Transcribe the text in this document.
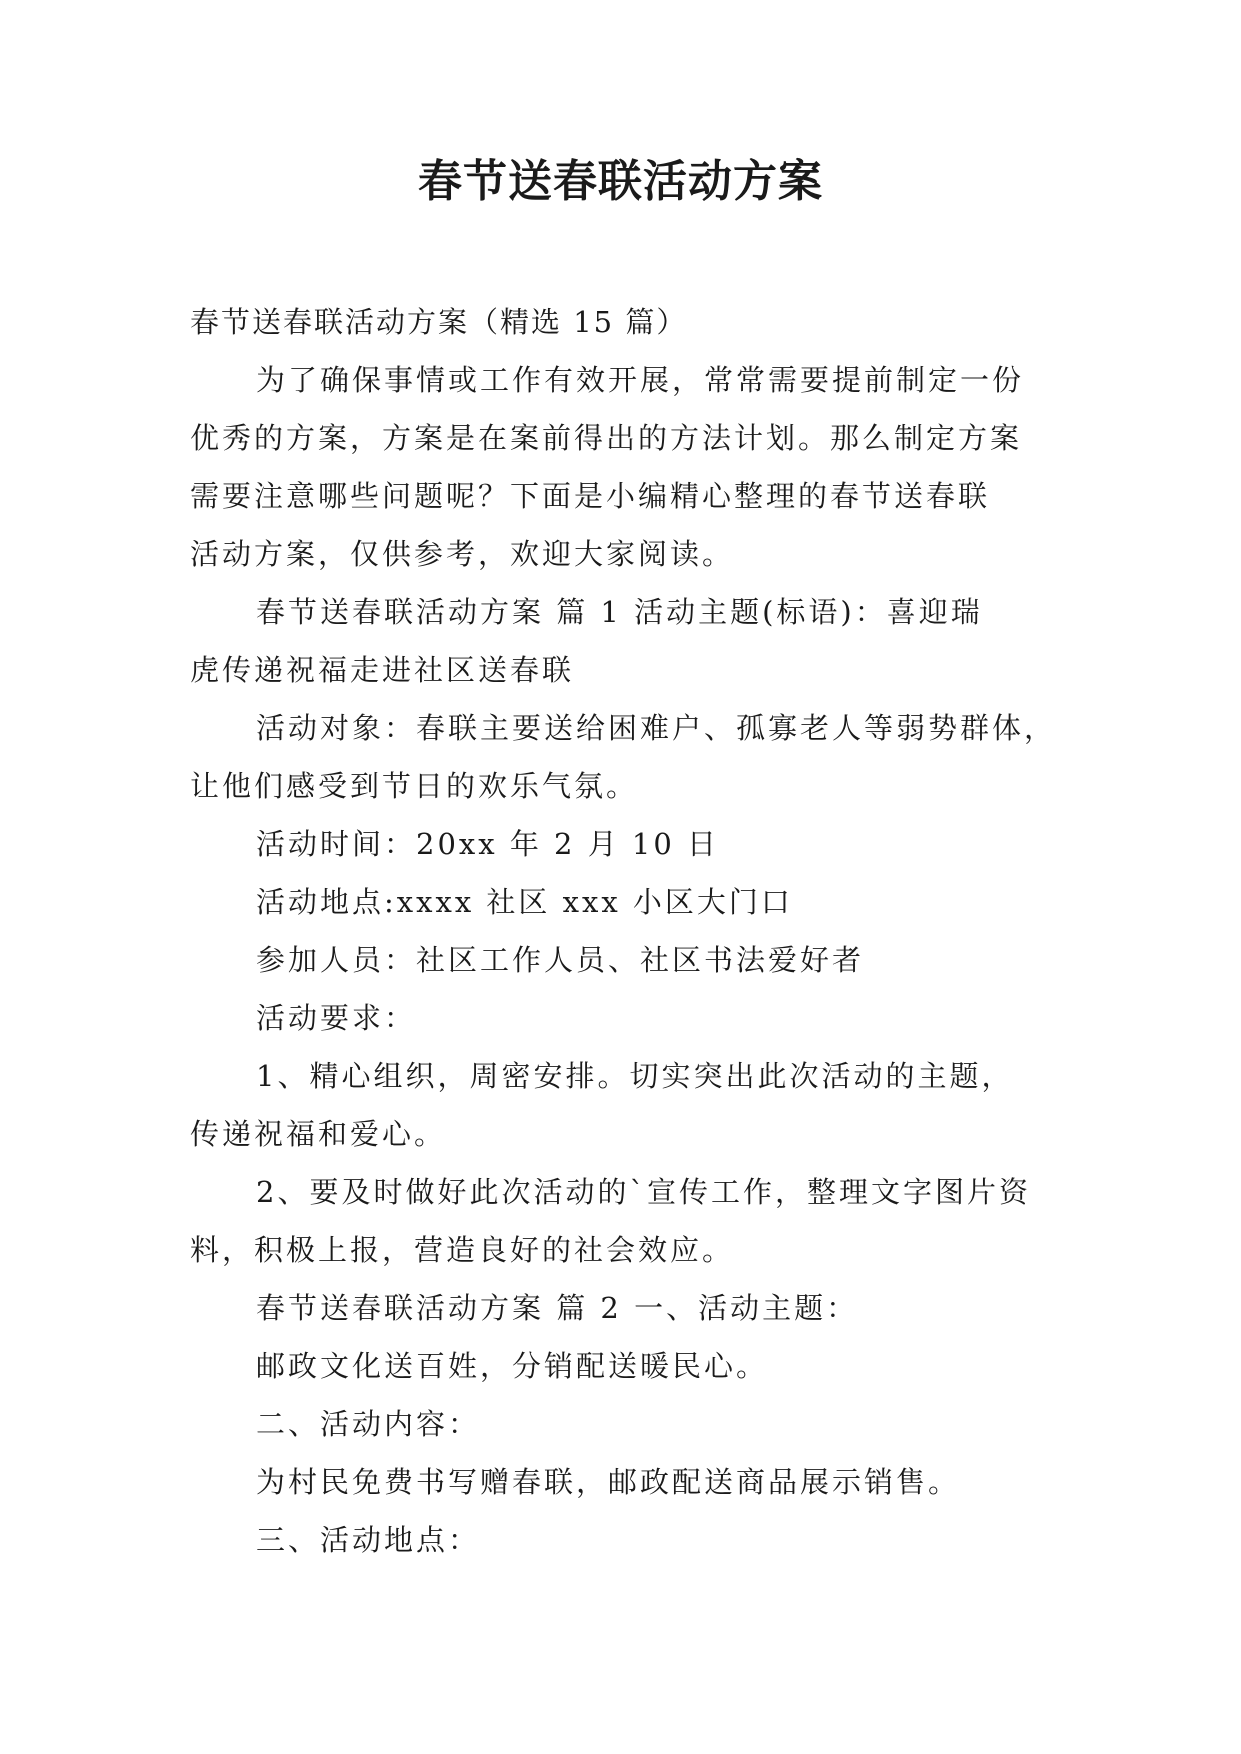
春节送春联活动方案
春节送春联活动方案（精选 15 篇）
为了确保事情或工作有效开展，常常需要提前制定一份
优秀的方案，方案是在案前得出的方法计划。那么制定方案
需要注意哪些问题呢？下面是小编精心整理的春节送春联
活动方案，仅供参考，欢迎大家阅读。
春节送春联活动方案 篇 1 活动主题(标语)：喜迎瑞
虎传递祝福走进社区送春联
活动对象：春联主要送给困难户、孤寡老人等弱势群体，
让他们感受到节日的欢乐气氛。
活动时间：20xx 年 2 月 10 日
活动地点:xxxx 社区 xxx 小区大门口
参加人员：社区工作人员、社区书法爱好者
活动要求：
1、精心组织，周密安排。切实突出此次活动的主题，
传递祝福和爱心。
2、要及时做好此次活动的`宣传工作，整理文字图片资
料，积极上报，营造良好的社会效应。
春节送春联活动方案 篇 2 一、活动主题：
邮政文化送百姓，分销配送暖民心。
二、活动内容：
为村民免费书写赠春联，邮政配送商品展示销售。
三、活动地点：
